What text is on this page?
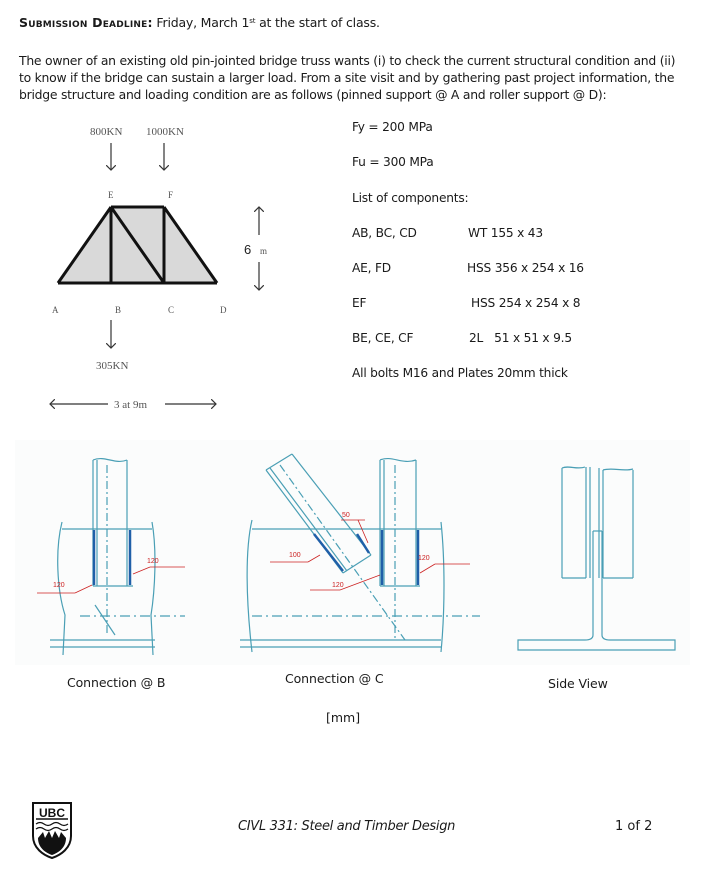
Submission Deadline: Friday, March 1st at the start of class.
The owner of an existing old pin-jointed bridge truss wants (i) to check the current structural condition and (ii) to know if the bridge can sustain a larger load. From a site visit and by gathering past project information, the bridge structure and loading condition are as follows (pinned support @ A and roller support @ D):
800KN 1000KN
E	F
6 m
A	B	C	D
305KN
3 at 9m
Fy = 200 MPa
Fu = 300 MPa
List of components:
AB, BC, CD	WT 155 x 43
AE, FD	HSS 356 x 254 x 16
EF	HSS 254 x 254 x 8
BE, CE, CF	2L   51 x 51 x 9.5
All bolts M16 and Plates 20mm thick
120
120
50
100
120
120
Connection @ B	Connection @ C	Side View
[mm]
UBC
CIVL 331: Steel and Timber Design	1 of 2
